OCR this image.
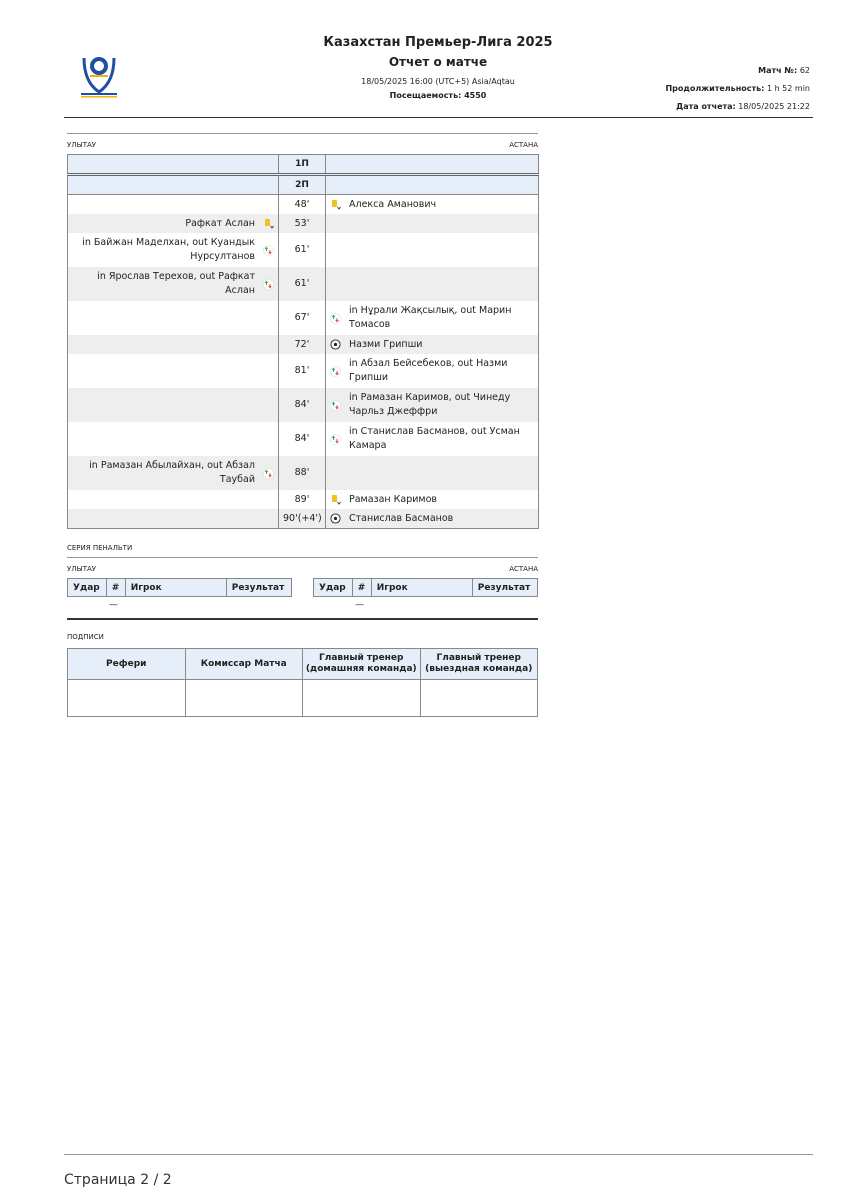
Казахстан Премьер-Лига 2025
Отчет о матче
18/05/2025 16:00 (UTC+5) Asia/Aqtau
Посещаемость: 4550
Матч №: 62
Продолжительность: 1 h 52 min
Дата отчета: 18/05/2025 21:22
УЛЫТАУ	АСТАНА
	1П	
	2П	

	48'	Алекса Аманович

Рафкат Аслан	53'	

in Байжан Маделхан, out Куандык Нурсултанов	61'	

in Ярослав Терехов, out Рафкат Аслан	61'	

	67'	in Нұрали Жақсылық, out Марин Томасов

	72'	Назми Грипши

	81'	in Абзал Бейсебеков, out Назми Грипши

	84'	in Рамазан Каримов, out Чинеду Чарльз Джеффри

	84'	in Станислав Басманов, out Усман Камара

in Рамазан Абылайхан, out Абзал Таубай	88'	

	89'	Рамазан Каримов

	90'(+4')	Станислав Басманов
СЕРИЯ ПЕНАЛЬТИ
УЛЫТАУ	АСТАНА
Удар	#	Игрок	Результат	Удар	#	Игрок	Результат
—	—
ПОДПИСИ
Рефери	Комиссар Матча	Главный тренер (домашняя команда)	Главный тренер (выездная команда)

Страница 2 / 2
